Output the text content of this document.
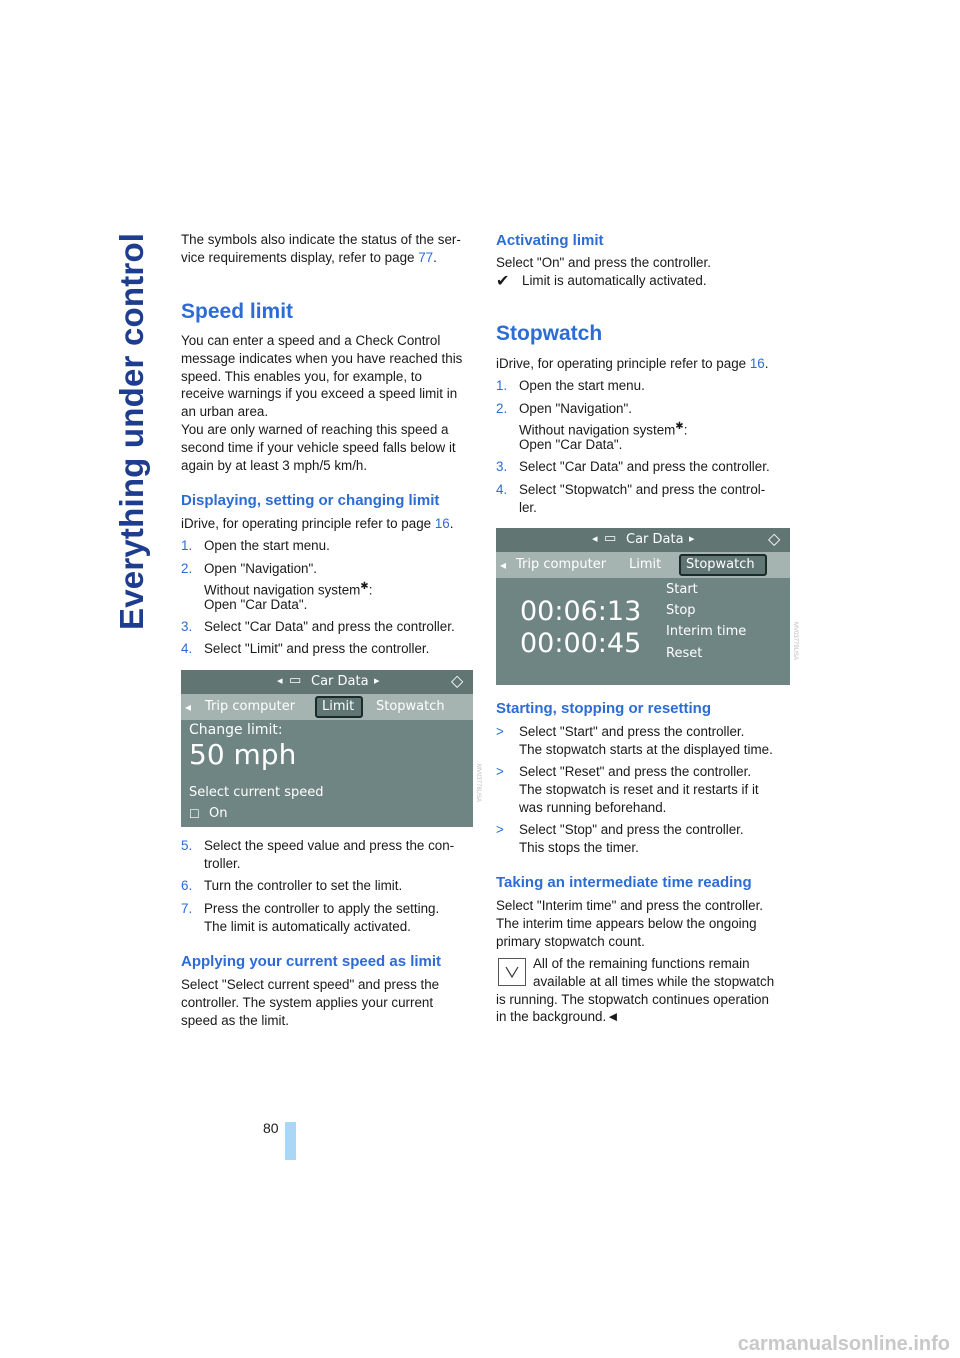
Everything under control The symbols also indicate the status of the ser-

vice requirements display, refer to page 77.

Speed limit

You can enter a speed and a Check Control

message indicates when you have reached this

speed. This enables you, for example, to

receive warnings if you exceed a speed limit in

an urban area.

You are only warned of reaching this speed a

second time if your vehicle speed falls below it

again by at least 3 mph/5 km/h.

Displaying, setting or changing limit

iDrive, for operating principle refer to page 16.

1. Open the start menu.
2. Open "Navigation".
Without navigation system✱:
Open "Car Data".
3. Select "Car Data" and press the controller.
4. Select "Limit" and press the controller.
◂ ▭ Car Data ▸	◇
◂ Trip computer Limit Stopwatch
Change limit:
50 mph
Select current speed
☐ On
MV03778USA
5. Select the speed value and press the con-
troller.
6. Turn the controller to set the limit.
7. Press the controller to apply the setting.
The limit is automatically activated.
Applying your current speed as limit

Select "Select current speed" and press the

controller. The system applies your current

speed as the limit.

Activating limit

Select "On" and press the controller.

✔ Limit is automatically activated.

Stopwatch

iDrive, for operating principle refer to page 16.

1. Open the start menu.
2. Open "Navigation".
Without navigation system✱:
Open "Car Data".
3. Select "Car Data" and press the controller.
4. Select "Stopwatch" and press the control-
ler.
◂ ▭ Car Data ▸	◇
◂ Trip computer Limit Stopwatch
00:06:13
00:00:45
Start
Stop
Interim time
Reset	MV03779USA
Starting, stopping or resetting
> Select "Start" and press the controller.
The stopwatch starts at the displayed time.
> Select "Reset" and press the controller.
The stopwatch is reset and it restarts if it
was running beforehand.
> Select "Stop" and press the controller.
This stops the timer.
Taking an intermediate time reading

Select "Interim time" and press the controller.

The interim time appears below the ongoing

primary stopwatch count.

All of the remaining functions remain

available at all times while the stopwatch

is running. The stopwatch continues operation

in the background.◄

80
carmanualsonline.info
